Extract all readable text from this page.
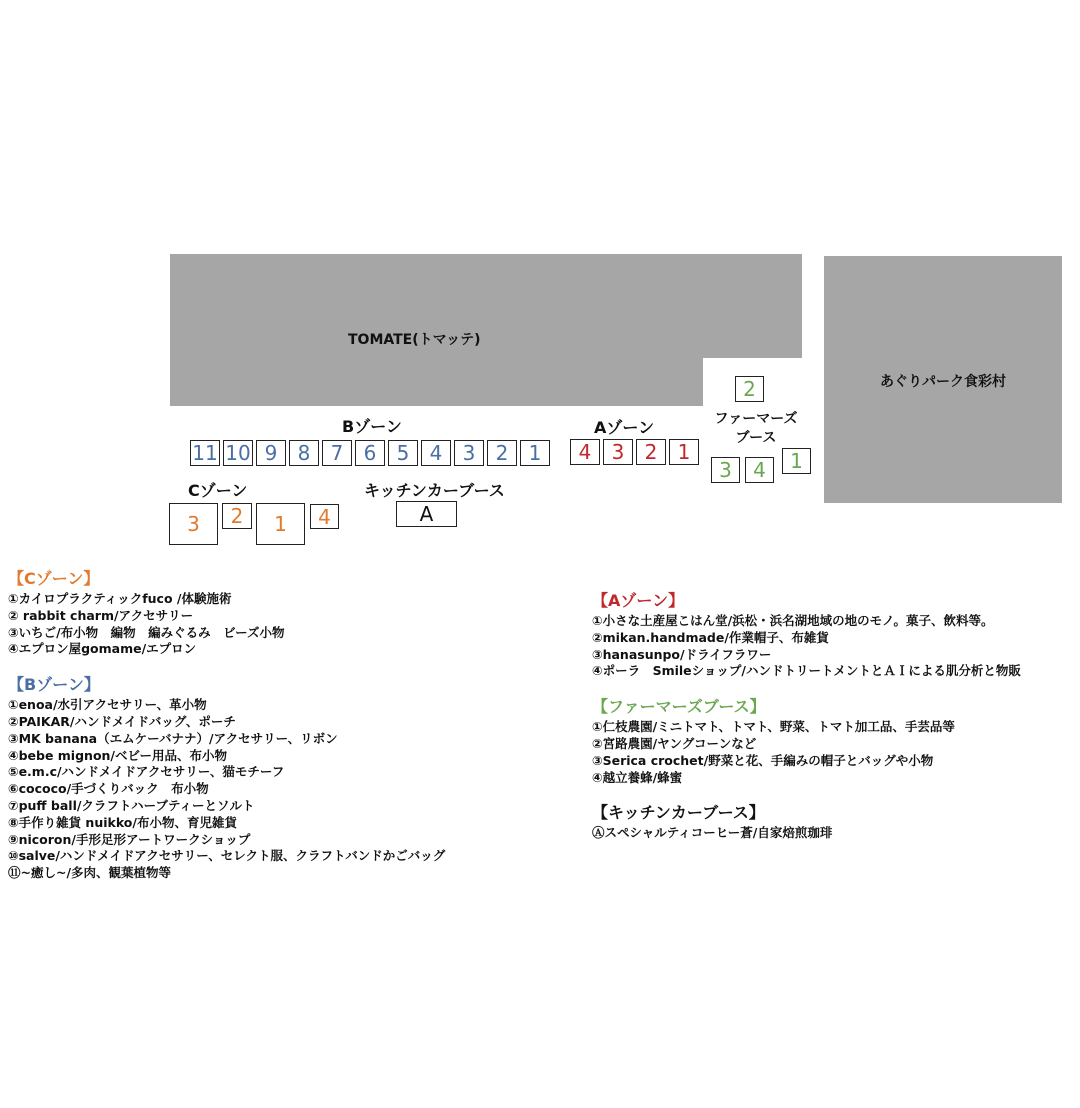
TOMATE(トマッテ)
あぐりパーク食彩村
Bゾーン	Aゾーン	ファーマーズ
ブース
Cゾーン	キッチンカーブース
11 10 9	8	7	6	5	4	3	2	1	4	3	2	1
2
3	4	1
3	2	1	4	A
【Cゾーン】
①カイロプラクティックfuco /体験施術
② rabbit charm/アクセサリー
③いちご/布小物　編物　編みぐるみ　ビーズ小物
④エプロン屋gomame/エプロン
【Bゾーン】
①enoa/水引アクセサリー、革小物
②PAIKAR/ハンドメイドバッグ、ポーチ
③MK banana（エムケーバナナ）/アクセサリー、リボン
④bebe mignon/ベビー用品、布小物
⑤e.m.c/ハンドメイドアクセサリー、猫モチーフ
⑥cococo/手づくりバック　布小物
⑦puff ball/クラフトハーブティーとソルト
⑧手作り雑貨 nuikko/布小物、育児雑貨
⑨nicoron/手形足形アートワークショップ
⑩salve/ハンドメイドアクセサリー、セレクト服、クラフトバンドかごバッグ
⑪~癒し~/多肉、観葉植物等
【Aゾーン】
①小さな土産屋こはん堂/浜松・浜名湖地域の地のモノ。菓子、飲料等。
②mikan.handmade/作業帽子、布雑貨
③hanasunpo/ドライフラワー
④ポーラ　Smileショップ/ハンドトリートメントとＡＩによる肌分析と物販
【ファーマーズブース】
①仁枝農園/ミニトマト、トマト、野菜、トマト加工品、手芸品等
②宮路農園/ヤングコーンなど
③Serica crochet/野菜と花、手編みの帽子とバッグや小物
④越立養蜂/蜂蜜
【キッチンカーブース】
Ⓐスペシャルティコーヒー蒼/自家焙煎珈琲
